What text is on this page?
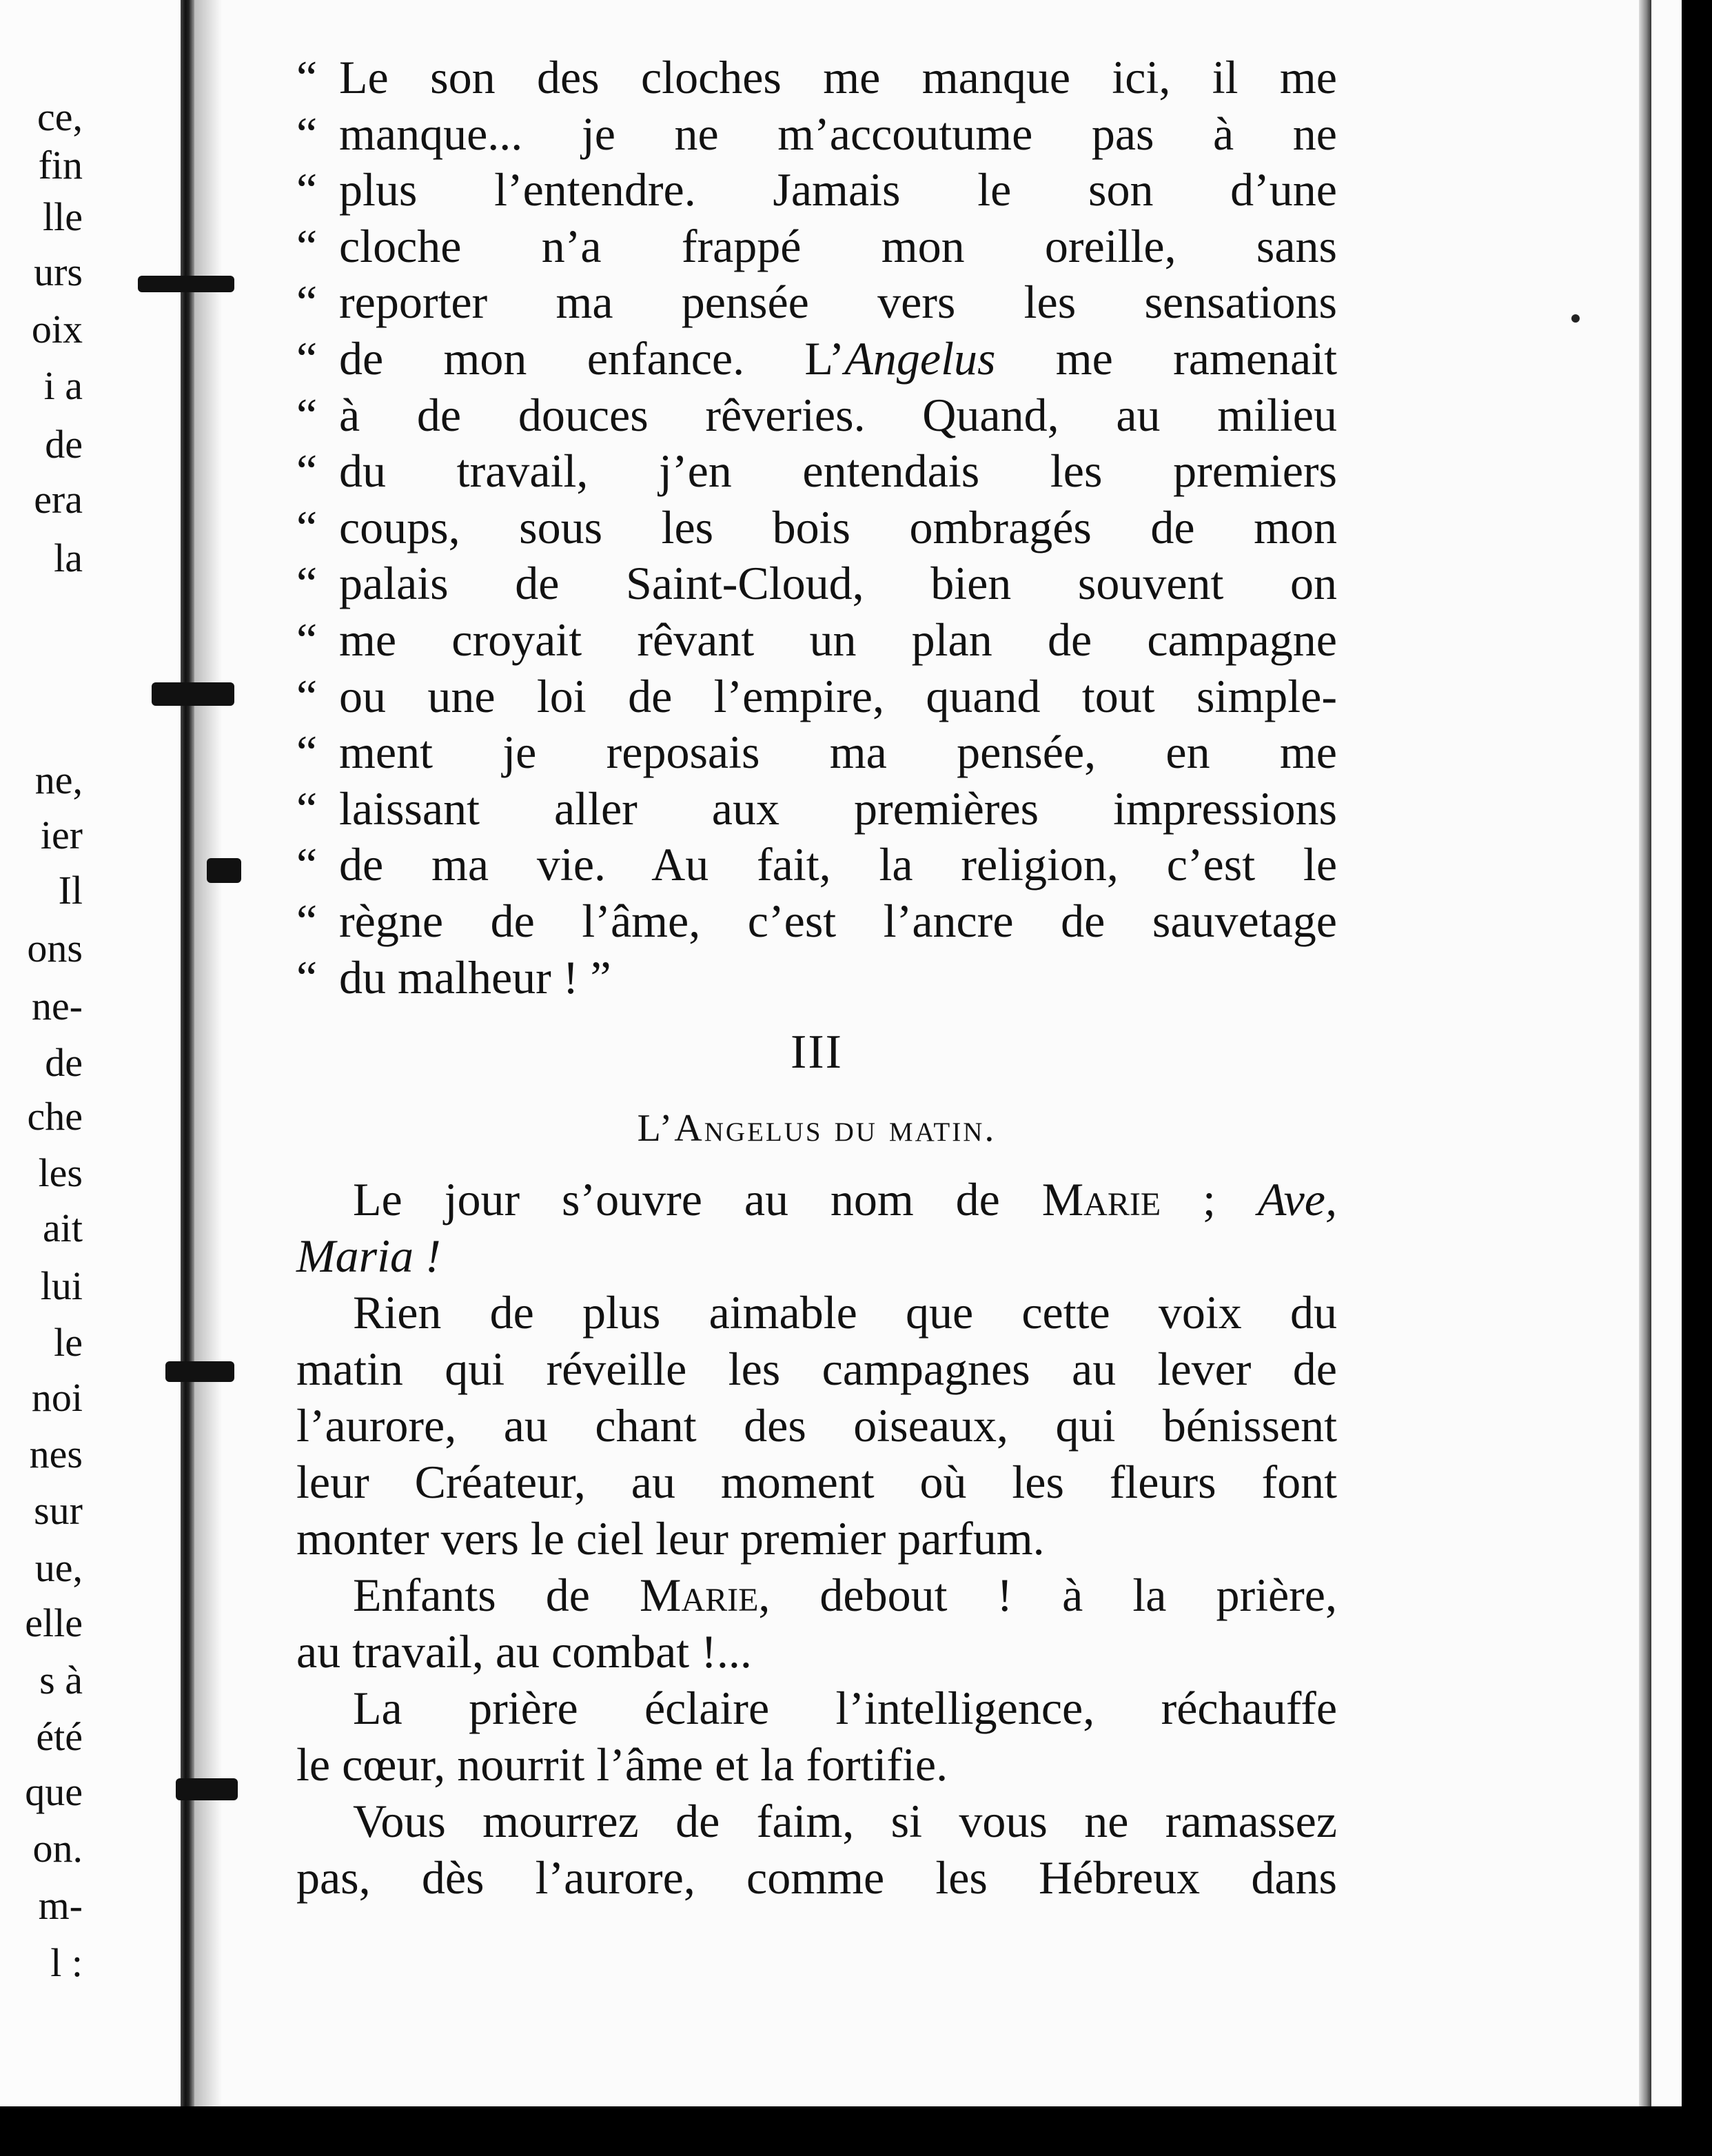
ce,
fin
lle
urs
oix
i a
de
era
la
ne,
ier
Il
ons
ne-
de
che
les
ait
lui
le
noi
nes
sur
ue,
elle
s à
été
que
on.
m-
l :
“ Le son des cloches me manque ici, il me
“ manque... je ne m’accoutume pas à ne
“ plus l’entendre. Jamais le son d’une
“ cloche n’a frappé mon oreille, sans
“ reporter ma pensée vers les sensations
“ de mon enfance. L’Angelus me ramenait
“ à de douces rêveries. Quand, au milieu
“ du travail, j’en entendais les premiers
“ coups, sous les bois ombragés de mon
“ palais de Saint-Cloud, bien souvent on
“ me croyait rêvant un plan de campagne
“ ou une loi de l’empire, quand tout simple-
“ ment je reposais ma pensée, en me
“ laissant aller aux premières impressions
“ de ma vie. Au fait, la religion, c’est le
“ règne de l’âme, c’est l’ancre de sauvetage
“ du malheur ! ”
III
L’Angelus du matin.
Le jour s’ouvre au nom de Marie ; Ave,
Maria !
Rien de plus aimable que cette voix du
matin qui réveille les campagnes au lever de
l’aurore, au chant des oiseaux, qui bénissent
leur Créateur, au moment où les fleurs font
monter vers le ciel leur premier parfum.
Enfants de Marie, debout ! à la prière,
au travail, au combat !...
La prière éclaire l’intelligence, réchauffe
le cœur, nourrit l’âme et la fortifie.
Vous mourrez de faim, si vous ne ramassez
pas, dès l’aurore, comme les Hébreux dans
